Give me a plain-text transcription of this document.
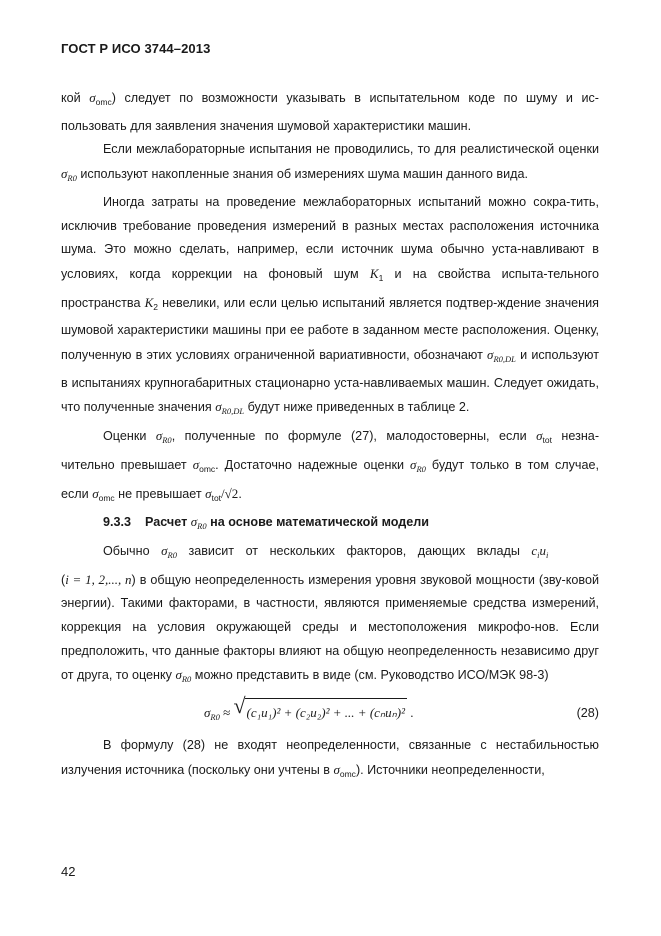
ГОСТ Р ИСО 3744–2013

кой $\sigma_{omc}$) следует по возможности указывать в испытательном коде по шуму и ис-пользовать для заявления значения шумовой характеристики машин.

Если межлабораторные испытания не проводились, то для реалистической оценки $\sigma_{R0}$ используют накопленные знания об измерениях шума машин данного вида.

Иногда затраты на проведение межлабораторных испытаний можно сокра-тить, исключив требование проведения измерений в разных местах расположения источника шума. Это можно сделать, например, если источник шума обычно уста-навливают в условиях, когда коррекции на фоновый шум $K_1$ и на свойства испыта-тельного пространства $K_2$ невелики, или если целью испытаний является подтвер-ждение значения шумовой характеристики машины при ее работе в заданном месте расположения. Оценку, полученную в этих условиях ограниченной вариативности, обозначают $\sigma_{R0,DL}$ и используют в испытаниях крупногабаритных стационарно уста-навливаемых машин. Следует ожидать, что полученные значения $\sigma_{R0,DL}$ будут ниже приведенных в таблице 2.

Оценки $\sigma_{R0}$, полученные по формуле (27), малодостоверны, если $\sigma_{tot}$ незна-чительно превышает $\sigma_{omc}$. Достаточно надежные оценки $\sigma_{R0}$ будут только в том случае, если $\sigma_{omc}$ не превышает $\sigma_{tot}/√2$.

9.3.3 Расчет $\sigma_{R0}$ на основе математической модели

Обычно $\sigma_{R0}$ зависит от нескольких факторов, дающих вклады $c_iu_i$
(i = 1, 2,..., n) в общую неопределенность измерения уровня звуковой мощности (зву-ковой энергии). Такими факторами, в частности, являются применяемые средства измерений, коррекция на условия окружающей среды и местоположения микрофо-нов. Если предположить, что данные факторы влияют на общую неопределенность независимо друг от друга, то оценку $\sigma_{R0}$ можно представить в виде (см. Руководство ИСО/МЭК 98-3)

$\sigma_{R0}$ ≈ √ (c₁u₁)² + (c₂u₂)² + ... + (cₙuₙ)² .	(28)

В формулу (28) не входят неопределенности, связанные с нестабильностью излучения источника (поскольку они учтены в $\sigma_{omc}$). Источники неопределенности,

42
